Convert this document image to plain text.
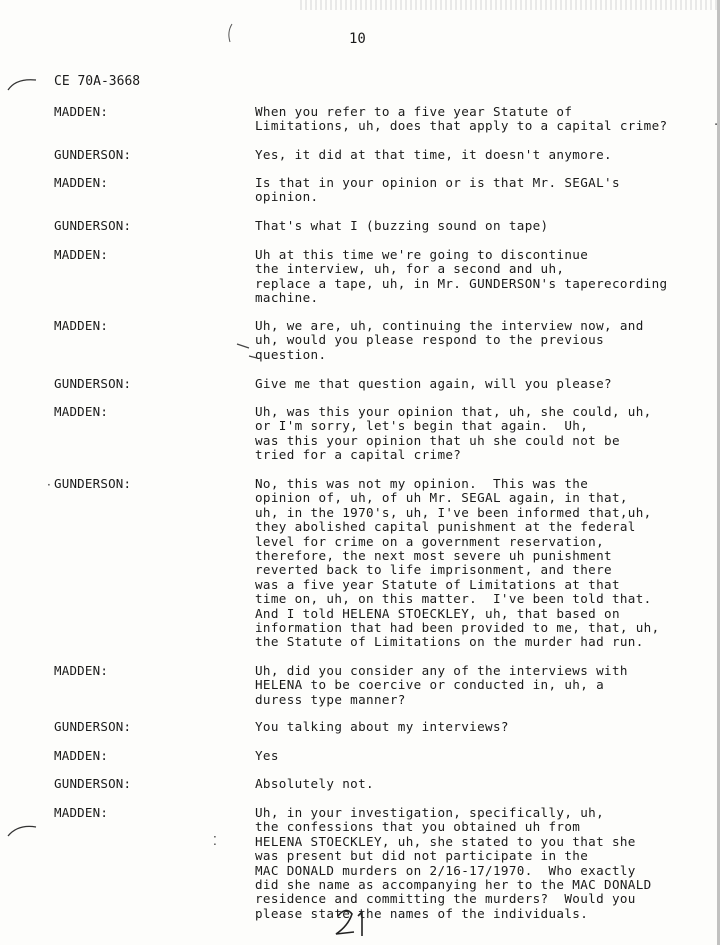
10
CE 70A-3668
MADDEN:	When you refer to a five year Statute of
Limitations, uh, does that apply to a capital crime?
GUNDERSON:	Yes, it did at that time, it doesn't anymore.
MADDEN:	Is that in your opinion or is that Mr. SEGAL's
opinion.
GUNDERSON:	That's what I (buzzing sound on tape)
MADDEN:	Uh at this time we're going to discontinue
the interview, uh, for a second and uh,
replace a tape, uh, in Mr. GUNDERSON's taperecording
machine.
MADDEN:	Uh, we are, uh, continuing the interview now, and
uh, would you please respond to the previous
question.
GUNDERSON:	Give me that question again, will you please?
MADDEN:	Uh, was this your opinion that, uh, she could, uh,
or I'm sorry, let's begin that again.  Uh,
was this your opinion that uh she could not be
tried for a capital crime?
GUNDERSON:	No, this was not my opinion.  This was the
opinion of, uh, of uh Mr. SEGAL again, in that,
uh, in the 1970's, uh, I've been informed that,uh,
they abolished capital punishment at the federal
level for crime on a government reservation,
therefore, the next most severe uh punishment
reverted back to life imprisonment, and there
was a five year Statute of Limitations at that
time on, uh, on this matter.  I've been told that.
And I told HELENA STOECKLEY, uh, that based on
information that had been provided to me, that, uh,
the Statute of Limitations on the murder had run.
MADDEN:	Uh, did you consider any of the interviews with
HELENA to be coercive or conducted in, uh, a
duress type manner?
GUNDERSON:	You talking about my interviews?
MADDEN:	Yes
GUNDERSON:	Absolutely not.
MADDEN:	Uh, in your investigation, specifically, uh,
the confessions that you obtained uh from
HELENA STOECKLEY, uh, she stated to you that she
was present but did not participate in the
MAC DONALD murders on 2/16-17/1970.  Who exactly
did she name as accompanying her to the MAC DONALD
residence and committing the murders?  Would you
please state the names of the individuals.
·
⁚
·
